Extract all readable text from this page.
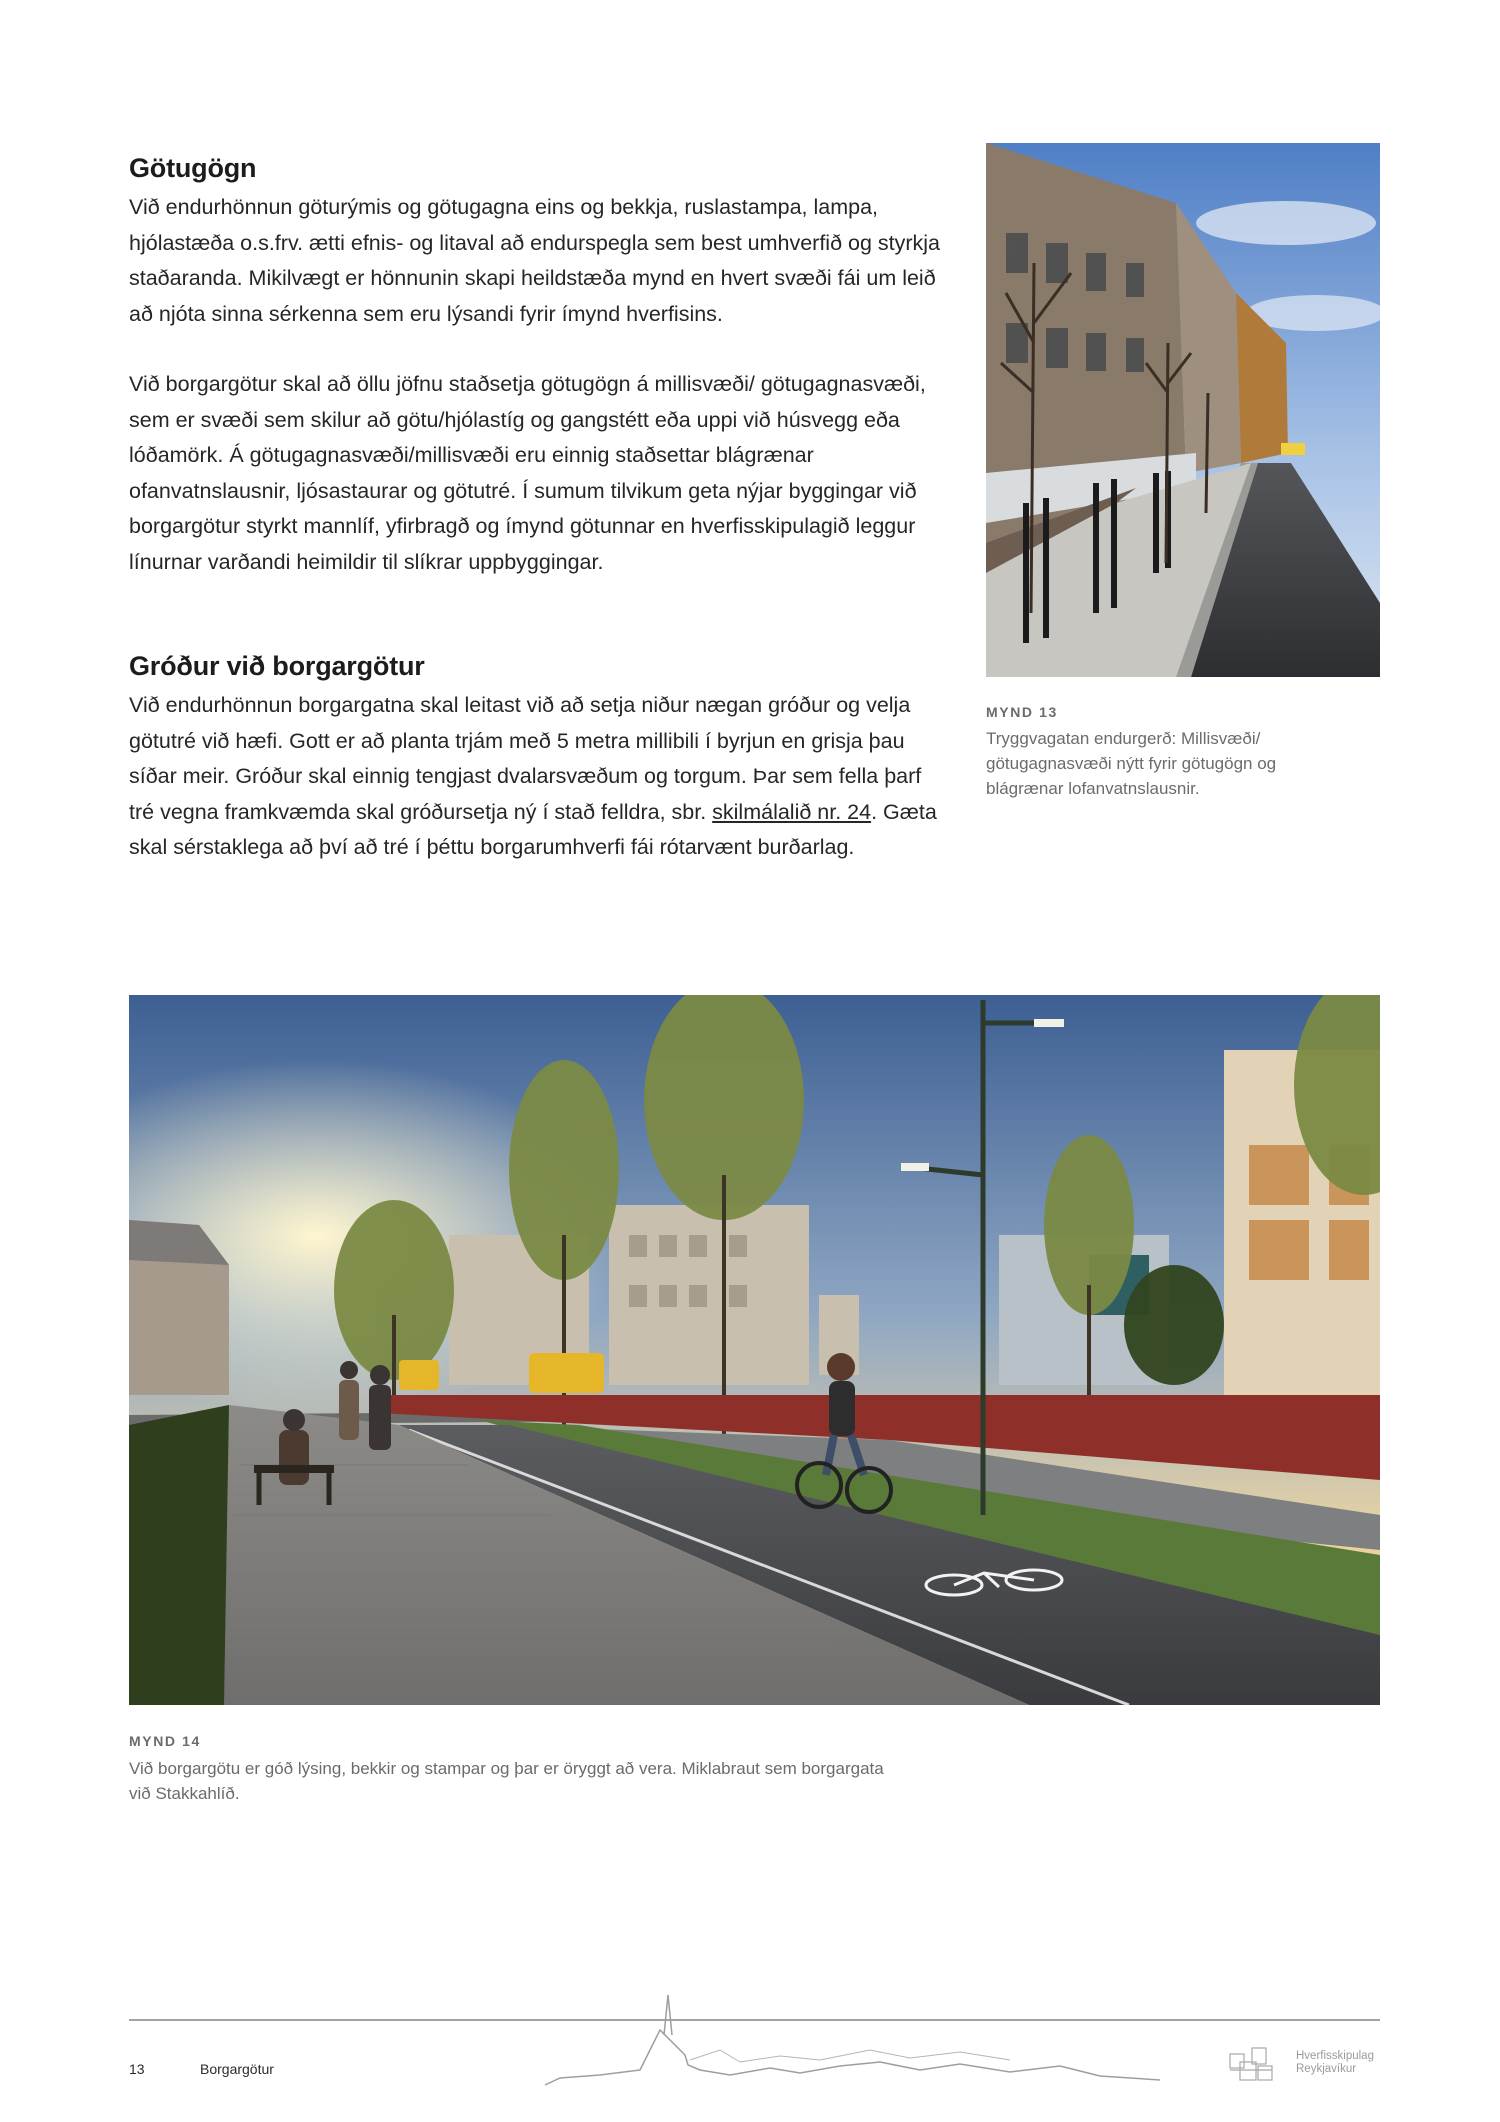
Götugögn

Við endurhönnun göturýmis og götugagna eins og bekkja, ruslastampa, lampa, hjólastæða o.s.frv. ætti efnis- og litaval að endurspegla sem best umhverfið og styrkja staðaranda. Mikilvægt er hönnunin skapi heildstæða mynd en hvert svæði fái um leið að njóta sinna sérkenna sem eru lýsandi fyrir ímynd hverfisins.

Við borgargötur skal að öllu jöfnu staðsetja götugögn á millisvæði/ götugagnasvæði, sem er svæði sem skilur að götu/hjólastíg og gangstétt eða uppi við húsvegg eða lóðamörk. Á götugagnasvæði/millisvæði eru einnig staðsettar blágrænar ofanvatnslausnir, ljósastaurar og götutré. Í sumum tilvikum geta nýjar byggingar við borgargötur styrkt mannlíf, yfirbragð og ímynd götunnar en hverfisskipulagið leggur línurnar varðandi heimildir til slíkrar uppbyggingar.

Gróður við borgargötur

Við endurhönnun borgargatna skal leitast við að setja niður nægan gróður og velja götutré við hæfi. Gott er að planta trjám með 5 metra millibili í byrjun en grisja þau síðar meir. Gróður skal einnig tengjast dvalarsvæðum og torgum. Þar sem fella þarf tré vegna framkvæmda skal gróðursetja ný í stað felldra, sbr. skilmálalið nr. 24. Gæta skal sérstaklega að því að tré í þéttu borgarumhverfi fái rótarvænt burðarlag.

MYND 13

Tryggvagatan endurgerð: Millisvæði/ götugagnasvæði nýtt fyrir götugögn og blágrænar lofanvatnslausnir.

MYND 14

Við borgargötu er góð lýsing, bekkir og stampar og þar er öryggt að vera. Miklabraut sem borgargata við Stakkahlíð.

13	Borgargötur
Hverfisskipulag
Reykjavíkur
